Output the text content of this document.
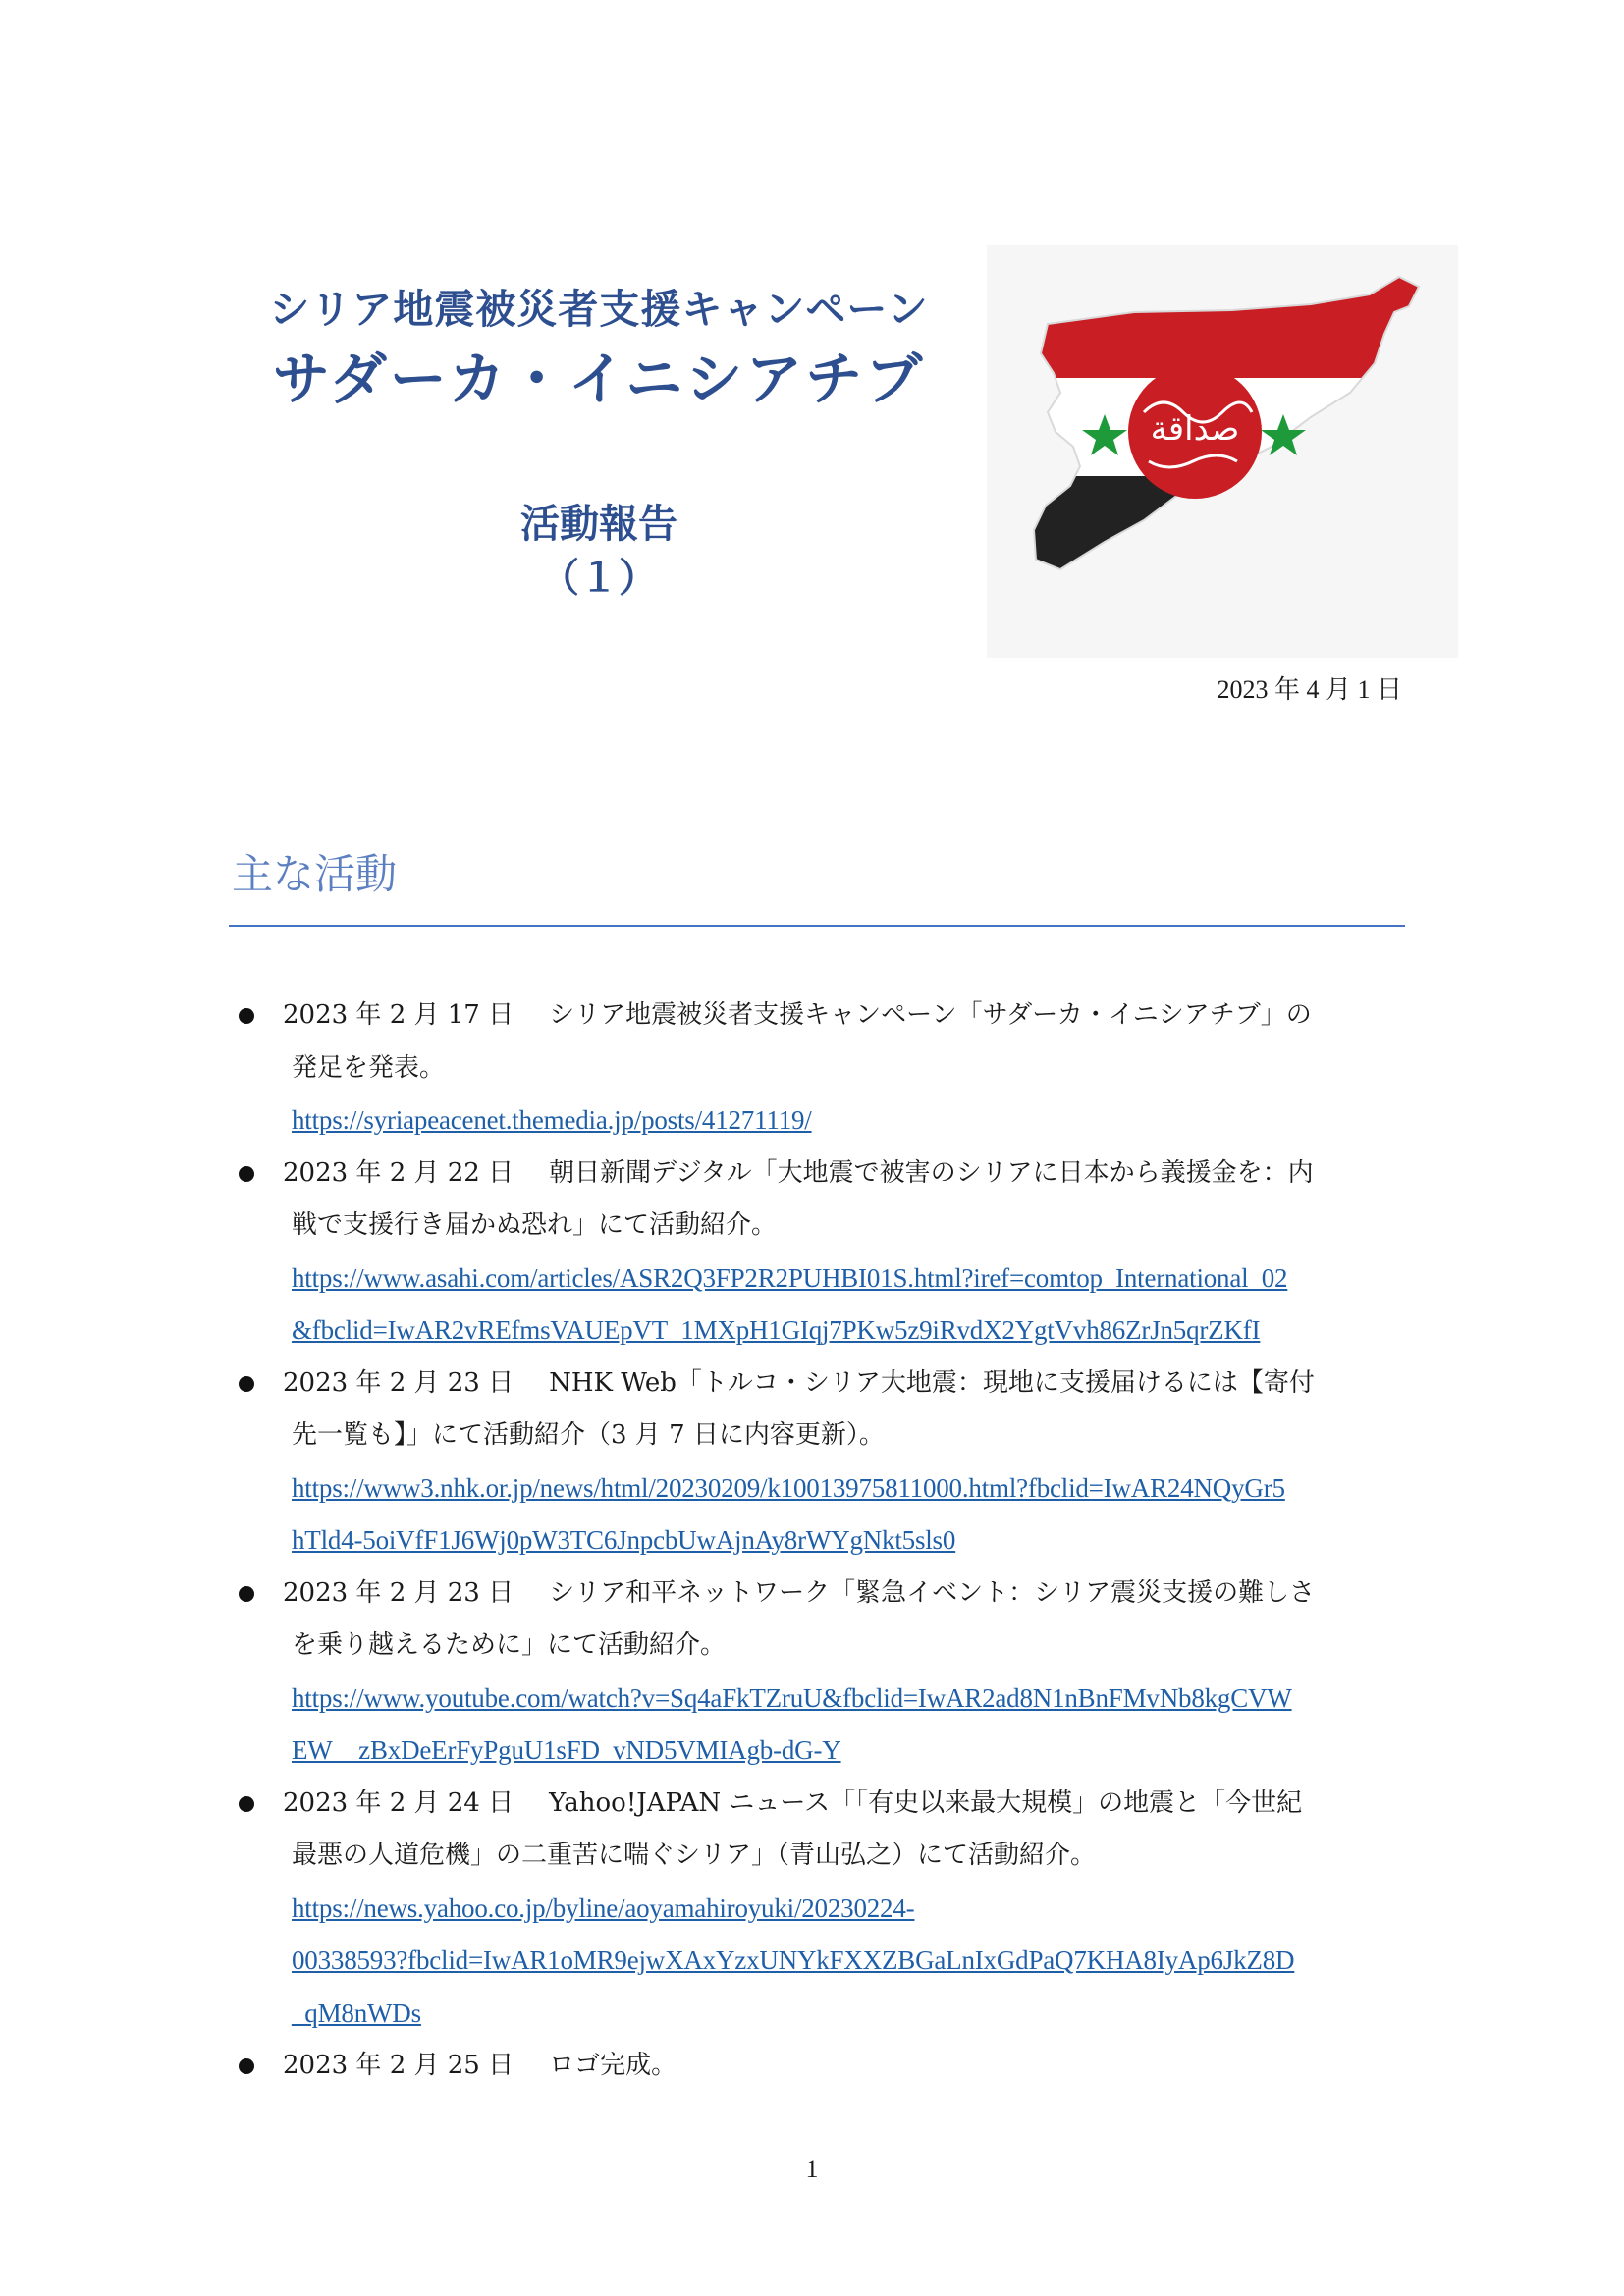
シリア地震被災者支援キャンペーン
サダーカ・イニシアチブ
活動報告
（１）
صداقة
2023 年 4 月 1 日
主な活動
2023 年 2 月 17 日 シリア地震被災者支援キャンペーン「サダーカ・イニシアチブ」の
発足を発表。
https://syriapeacenet.themedia.jp/posts/41271119/
2023 年 2 月 22 日 朝日新聞デジタル「大地震で被害のシリアに日本から義援金を：内
戦で支援行き届かぬ恐れ」にて活動紹介。
https://www.asahi.com/articles/ASR2Q3FP2R2PUHBI01S.html?iref=comtop_International_02
&fbclid=IwAR2vREfmsVAUEpVT_1MXpH1GIqj7PKw5z9iRvdX2YgtVvh86ZrJn5qrZKfI
2023 年 2 月 23 日 NHK Web「トルコ・シリア大地震：現地に支援届けるには【寄付
先一覧も】」にて活動紹介（3 月 7 日に内容更新）。
https://www3.nhk.or.jp/news/html/20230209/k10013975811000.html?fbclid=IwAR24NQyGr5
hTld4-5oiVfF1J6Wj0pW3TC6JnpcbUwAjnAy8rWYgNkt5sls0
2023 年 2 月 23 日 シリア和平ネットワーク「緊急イベント：シリア震災支援の難しさ
を乗り越えるために」にて活動紹介。
https://www.youtube.com/watch?v=Sq4aFkTZruU&fbclid=IwAR2ad8N1nBnFMvNb8kgCVW
EW__zBxDeErFyPguU1sFD_vND5VMIAgb-dG-Y
2023 年 2 月 24 日 Yahoo!JAPAN ニュース「「有史以来最大規模」の地震と「今世紀
最悪の人道危機」の二重苦に喘ぐシリア」（青山弘之）にて活動紹介。
https://news.yahoo.co.jp/byline/aoyamahiroyuki/20230224-
00338593?fbclid=IwAR1oMR9ejwXAxYzxUNYkFXXZBGaLnIxGdPaQ7KHA8IyAp6JkZ8D
_qM8nWDs
2023 年 2 月 25 日 ロゴ完成。
1
